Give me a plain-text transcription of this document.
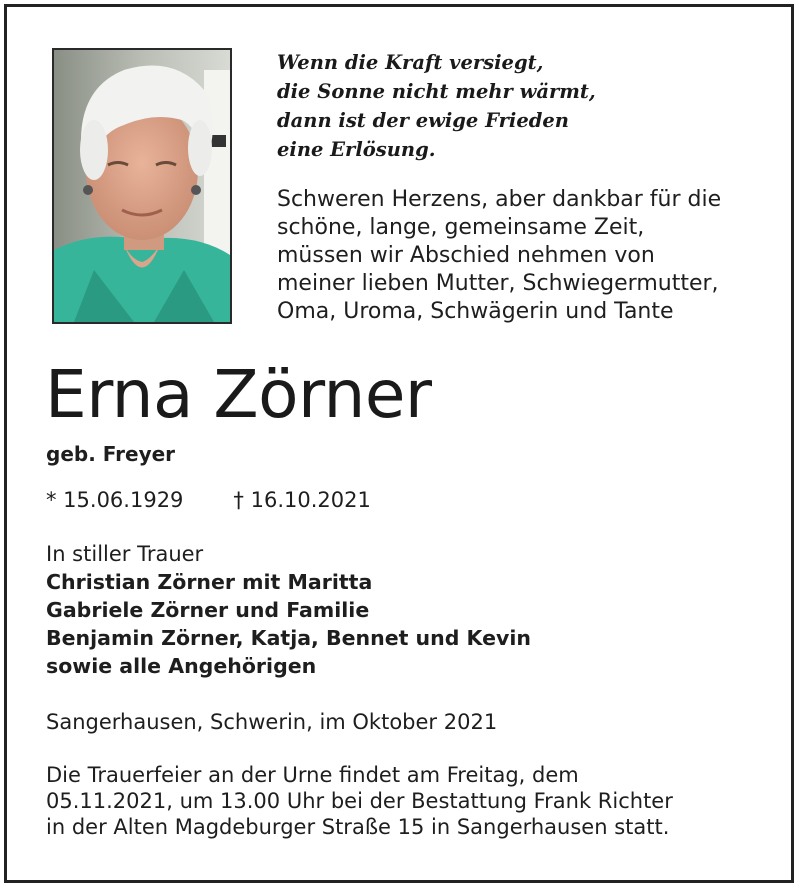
Wenn die Kraft versiegt,
die Sonne nicht mehr wärmt,
dann ist der ewige Frieden
eine Erlösung.
Schweren Herzens, aber dankbar für die
schöne, lange, gemeinsame Zeit,
müssen wir Abschied nehmen von
meiner lieben Mutter, Schwiegermutter,
Oma, Uroma, Schwägerin und Tante
Erna Zörner
geb. Freyer
* 15.06.1929 † 16.10.2021
In stiller Trauer
Christian Zörner mit Maritta
Gabriele Zörner und Familie
Benjamin Zörner, Katja, Bennet und Kevin
sowie alle Angehörigen
Sangerhausen, Schwerin, im Oktober 2021
Die Trauerfeier an der Urne findet am Freitag, dem
05.11.2021, um 13.00 Uhr bei der Bestattung Frank Richter
in der Alten Magdeburger Straße 15 in Sangerhausen statt.
